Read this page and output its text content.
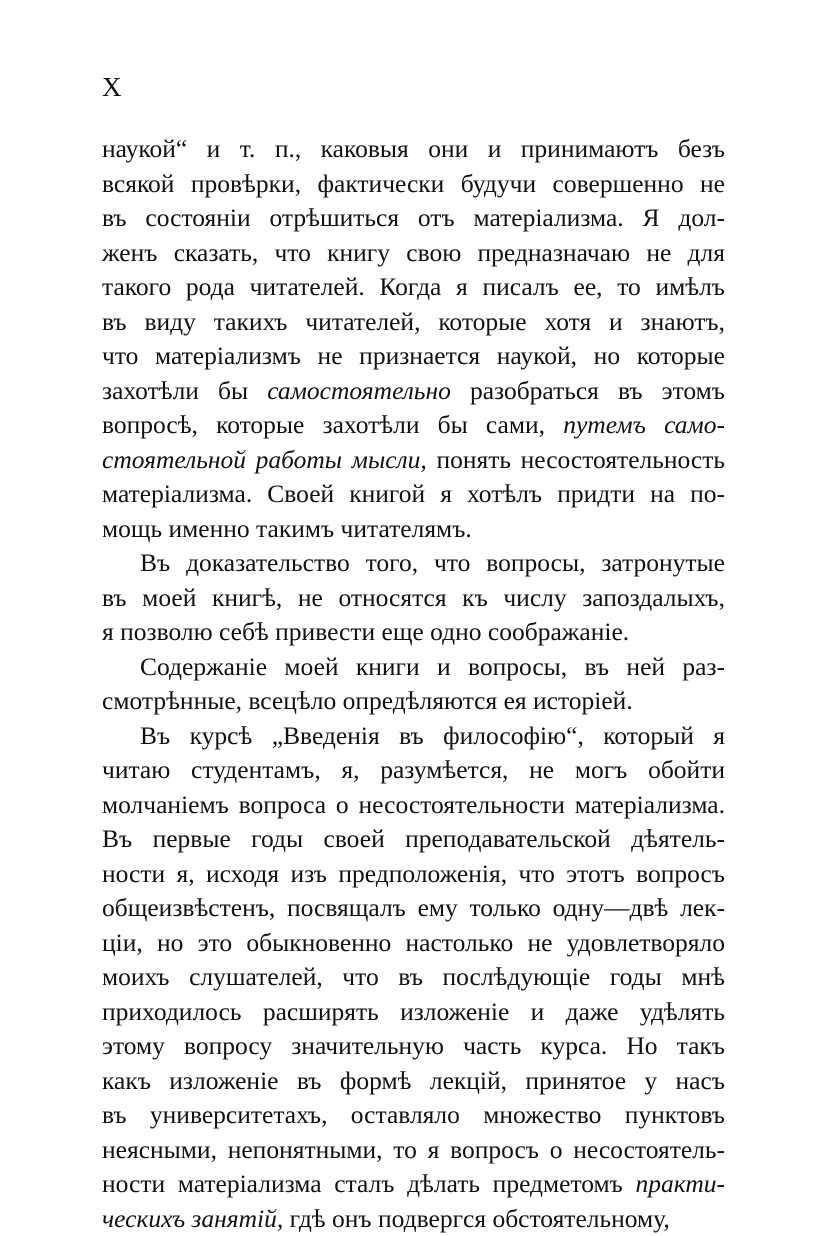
X
наукой“ и т. п., каковыя они и принимаютъ безъ
всякой провѣрки, фактически будучи совершенно не
въ состояніи отрѣшиться отъ матеріализма. Я дол-
женъ сказать, что книгу свою предназначаю не для
такого рода читателей. Когда я писалъ ее, то имѣлъ
въ виду такихъ читателей, которые хотя и знаютъ,
что матеріализмъ не признается наукой, но которые
захотѣли бы самостоятельно разобраться въ этомъ
вопросѣ, которые захотѣли бы сами, путемъ само-
стоятельной работы мысли, понять несостоятельность
матеріализма. Своей книгой я хотѣлъ придти на по-
мощь именно такимъ читателямъ.
Въ доказательство того, что вопросы, затронутые
въ моей книгѣ, не относятся къ числу запоздалыхъ,
я позволю себѣ привести еще одно соображаніе.
Содержаніе моей книги и вопросы, въ ней раз-
смотрѣнные, всецѣло опредѣляются ея исторіей.
Въ курсѣ „Введенія въ философію“, который я
читаю студентамъ, я, разумѣется, не могъ обойти
молчаніемъ вопроса о несостоятельности матеріализма.
Въ первые годы своей преподавательской дѣятель-
ности я, исходя изъ предположенія, что этотъ вопросъ
общеизвѣстенъ, посвящалъ ему только одну—двѣ лек-
ціи, но это обыкновенно настолько не удовлетворяло
моихъ слушателей, что въ послѣдующіе годы мнѣ
приходилось расширять изложеніе и даже удѣлять
этому вопросу значительную часть курса. Но такъ
какъ изложеніе въ формѣ лекцій, принятое у насъ
въ университетахъ, оставляло множество пунктовъ
неясными, непонятными, то я вопросъ о несостоятель-
ности матеріализма сталъ дѣлать предметомъ практи-
ческихъ занятій, гдѣ онъ подвергся обстоятельному,
